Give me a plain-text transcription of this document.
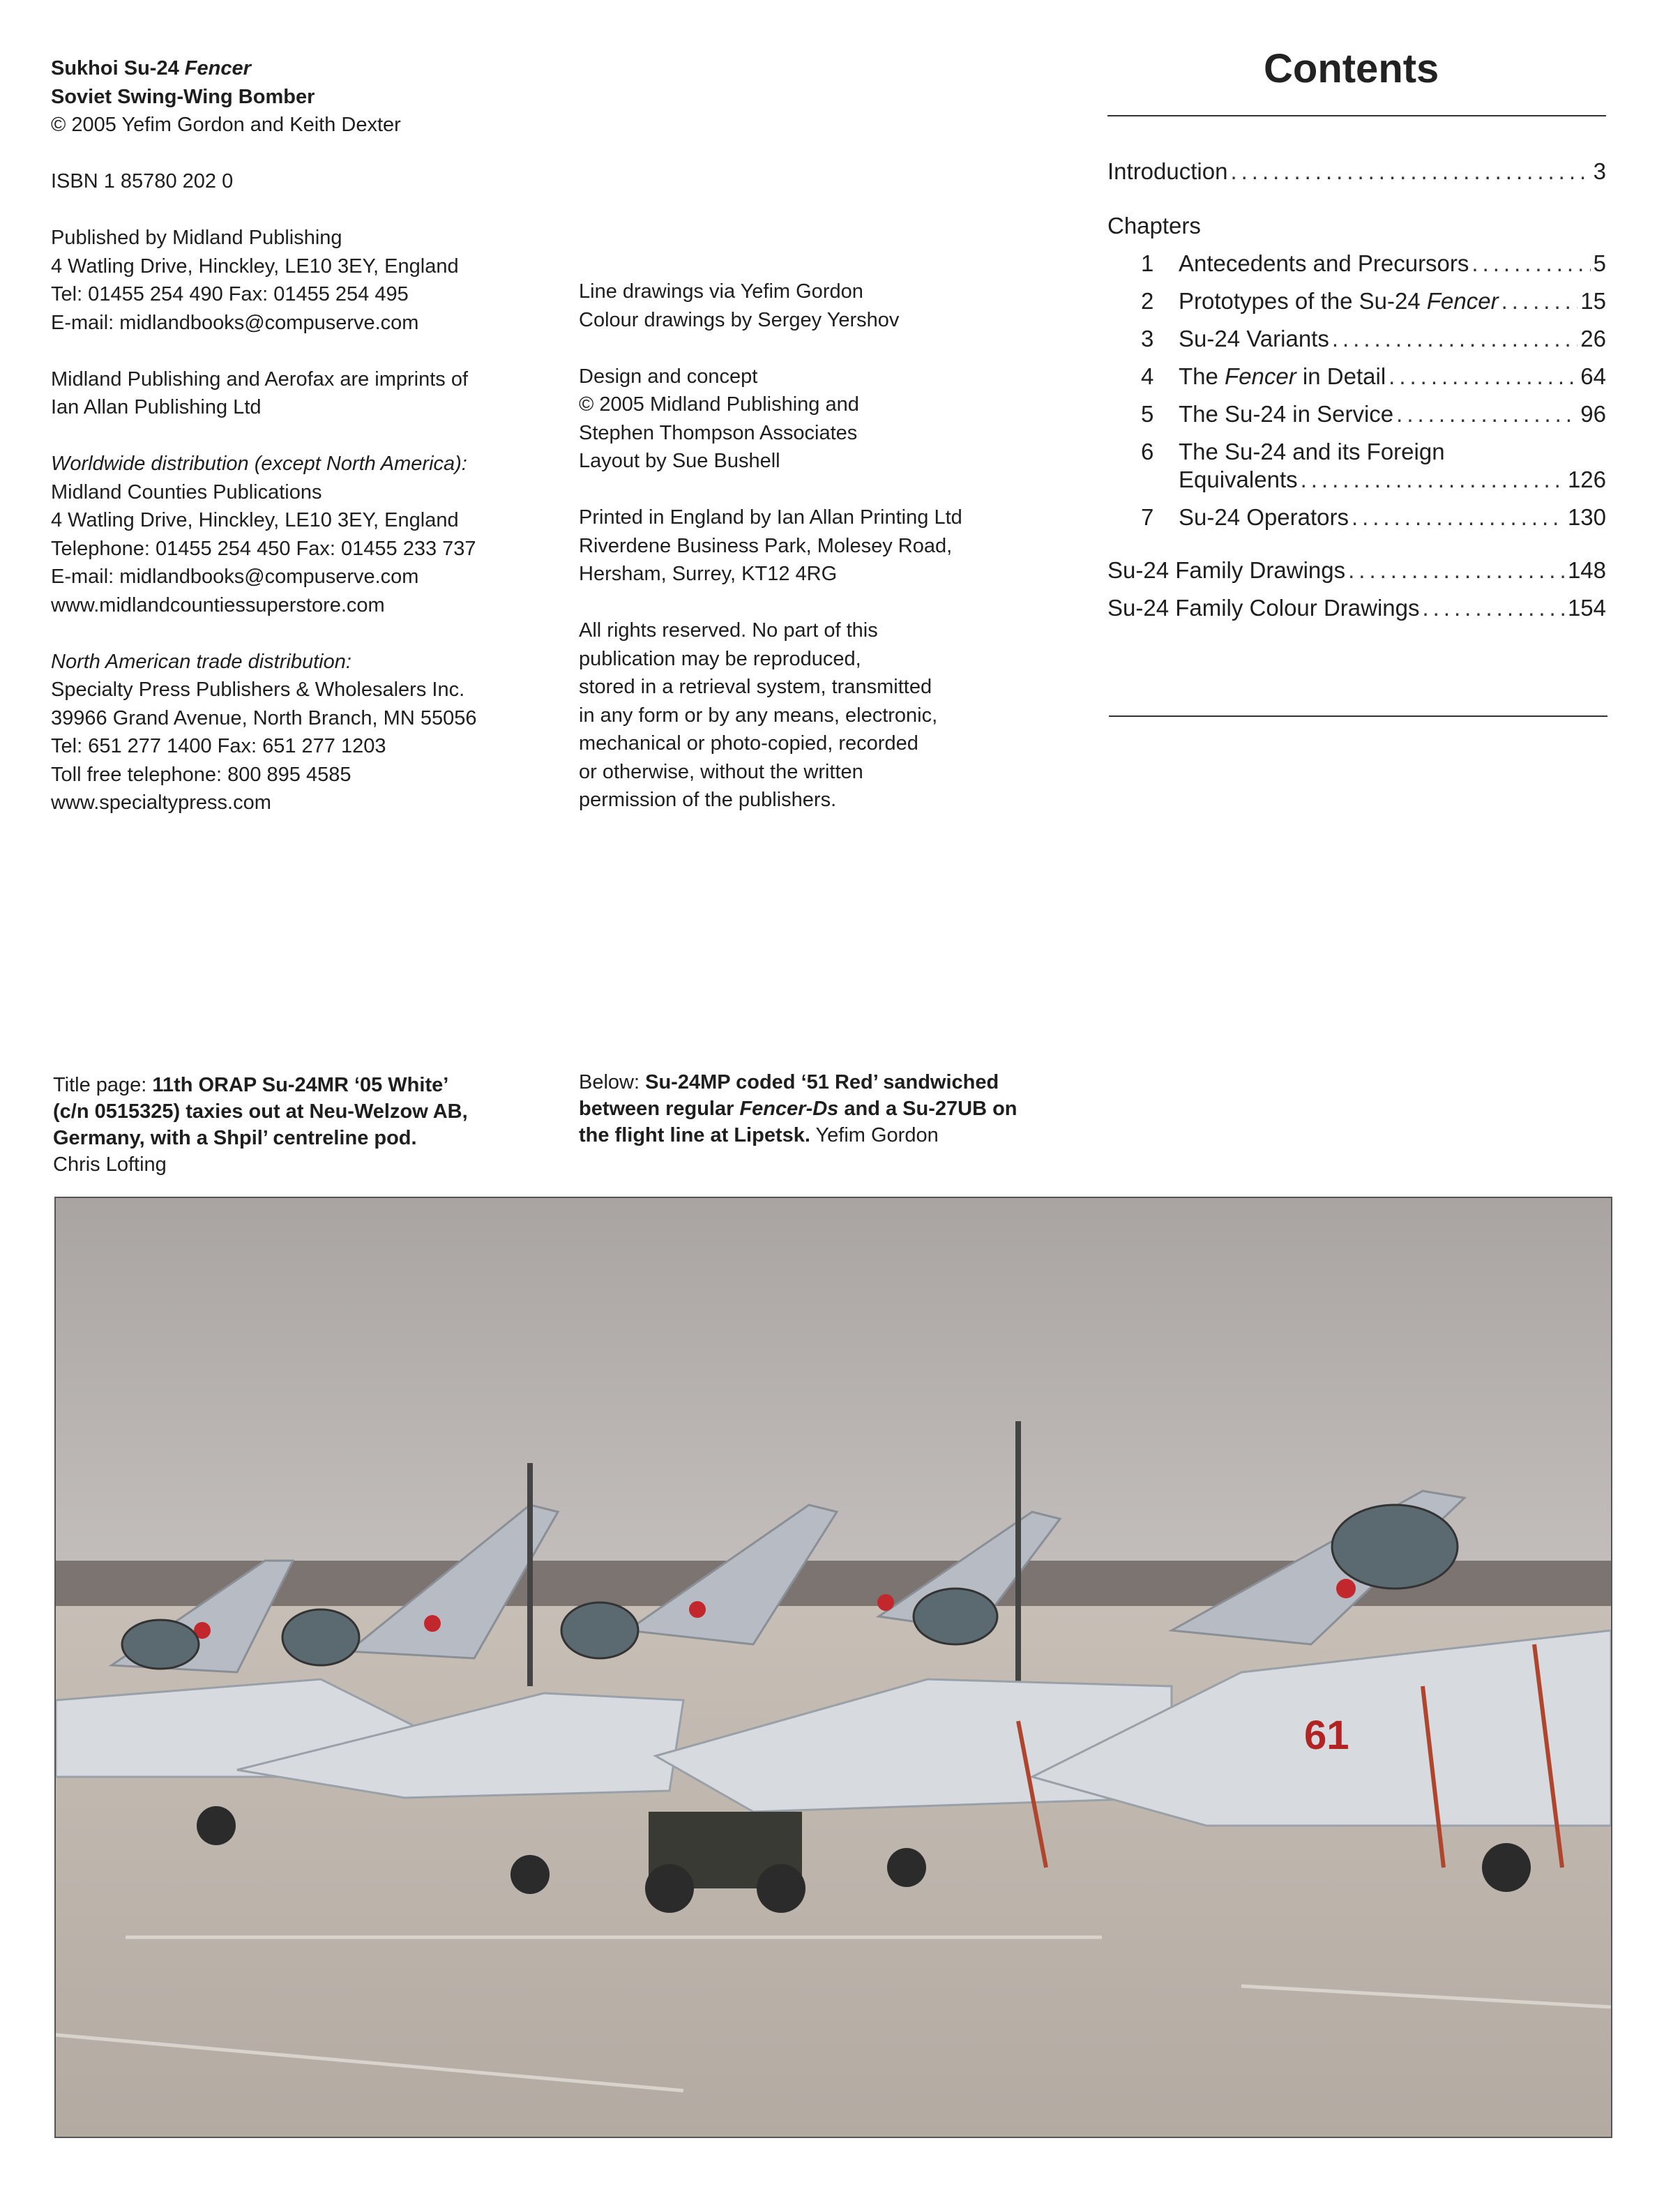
Sukhoi Su-24 Fencer
Soviet Swing-Wing Bomber
© 2005 Yefim Gordon and Keith Dexter
ISBN 1 85780 202 0
Published by Midland Publishing
4 Watling Drive, Hinckley, LE10 3EY, England
Tel: 01455 254 490 Fax: 01455 254 495
E-mail: midlandbooks@compuserve.com
Midland Publishing and Aerofax are imprints of
Ian Allan Publishing Ltd
Worldwide distribution (except North America):
Midland Counties Publications
4 Watling Drive, Hinckley, LE10 3EY, England
Telephone: 01455 254 450 Fax: 01455 233 737
E-mail: midlandbooks@compuserve.com
www.midlandcountiessuperstore.com
North American trade distribution:
Specialty Press Publishers & Wholesalers Inc.
39966 Grand Avenue, North Branch, MN 55056
Tel: 651 277 1400 Fax: 651 277 1203
Toll free telephone: 800 895 4585
www.specialtypress.com
Line drawings via Yefim Gordon
Colour drawings by Sergey Yershov
Design and concept
© 2005 Midland Publishing and
Stephen Thompson Associates
Layout by Sue Bushell
Printed in England by Ian Allan Printing Ltd
Riverdene Business Park, Molesey Road,
Hersham, Surrey, KT12 4RG
All rights reserved. No part of this
publication may be reproduced,
stored in a retrieval system, transmitted
in any form or by any means, electronic,
mechanical or photo-copied, recorded
or otherwise, without the written
permission of the publishers.
Contents
Introduction .....	3
Chapters
1	Antecedents and Precursors .....	5
2	Prototypes of the Su-24 Fencer .....	15
3	Su-24 Variants .....	26
4	The Fencer in Detail .....	64
5	The Su-24 in Service .....	96
6	The Su-24 and its Foreign
Equivalents .....	126
7	Su-24 Operators .....	130
Su-24 Family Drawings .....	148
Su-24 Family Colour Drawings .....	154
Title page: 11th ORAP Su-24MR ‘05 White’
(c/n 0515325) taxies out at Neu-Welzow AB,
Germany, with a Shpil’ centreline pod.
Chris Lofting
Below: Su-24MP coded ‘51 Red’ sandwiched
between regular Fencer-Ds and a Su-27UB on
the flight line at Lipetsk. Yefim Gordon
61
